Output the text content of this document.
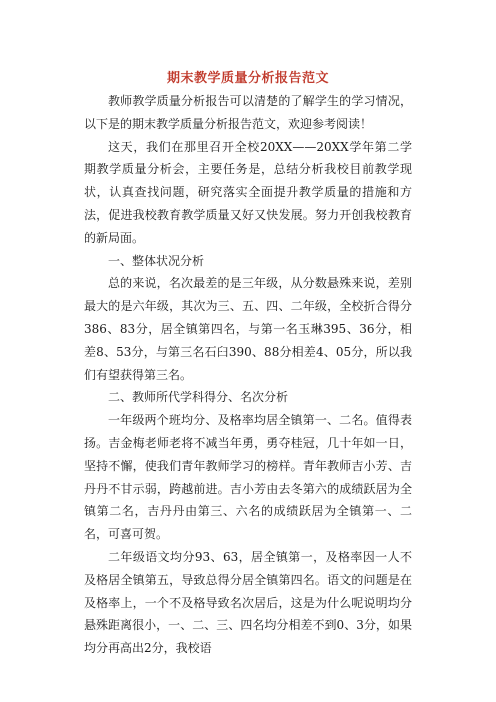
期末教学质量分析报告范文

教师教学质量分析报告可以清楚的了解学生的学习情况，以下是的期末教学质量分析报告范文，欢迎参考阅读！

这天，我们在那里召开全校20XX——20XX学年第二学期教学质量分析会，主要任务是，总结分析我校目前教学现状，认真查找问题，研究落实全面提升教学质量的措施和方法，促进我校教育教学质量又好又快发展。努力开创我校教育的新局面。

一、整体状况分析

总的来说，名次最差的是三年级，从分数悬殊来说，差别最大的是六年级，其次为三、五、四、二年级，全校折合得分386、83分，居全镇第四名，与第一名玉琳395、36分，相差8、53分，与第三名石臼390、88分相差4、05分，所以我们有望获得第三名。

二、教师所代学科得分、名次分析

一年级两个班均分、及格率均居全镇第一、二名。值得表扬。吉金梅老师老将不减当年勇，勇夺桂冠，几十年如一日，坚持不懈，使我们青年教师学习的榜样。青年教师吉小芳、吉丹丹不甘示弱，跨越前进。吉小芳由去冬第六的成绩跃居为全镇第二名，吉丹丹由第三、六名的成绩跃居为全镇第一、二名，可喜可贺。

二年级语文均分93、63，居全镇第一，及格率因一人不及格居全镇第五，导致总得分居全镇第四名。语文的问题是在及格率上，一个不及格导致名次居后，这是为什么呢说明均分悬殊距离很小，一、二、三、四名均分相差不到0、3分，如果均分再高出2分，我校语
